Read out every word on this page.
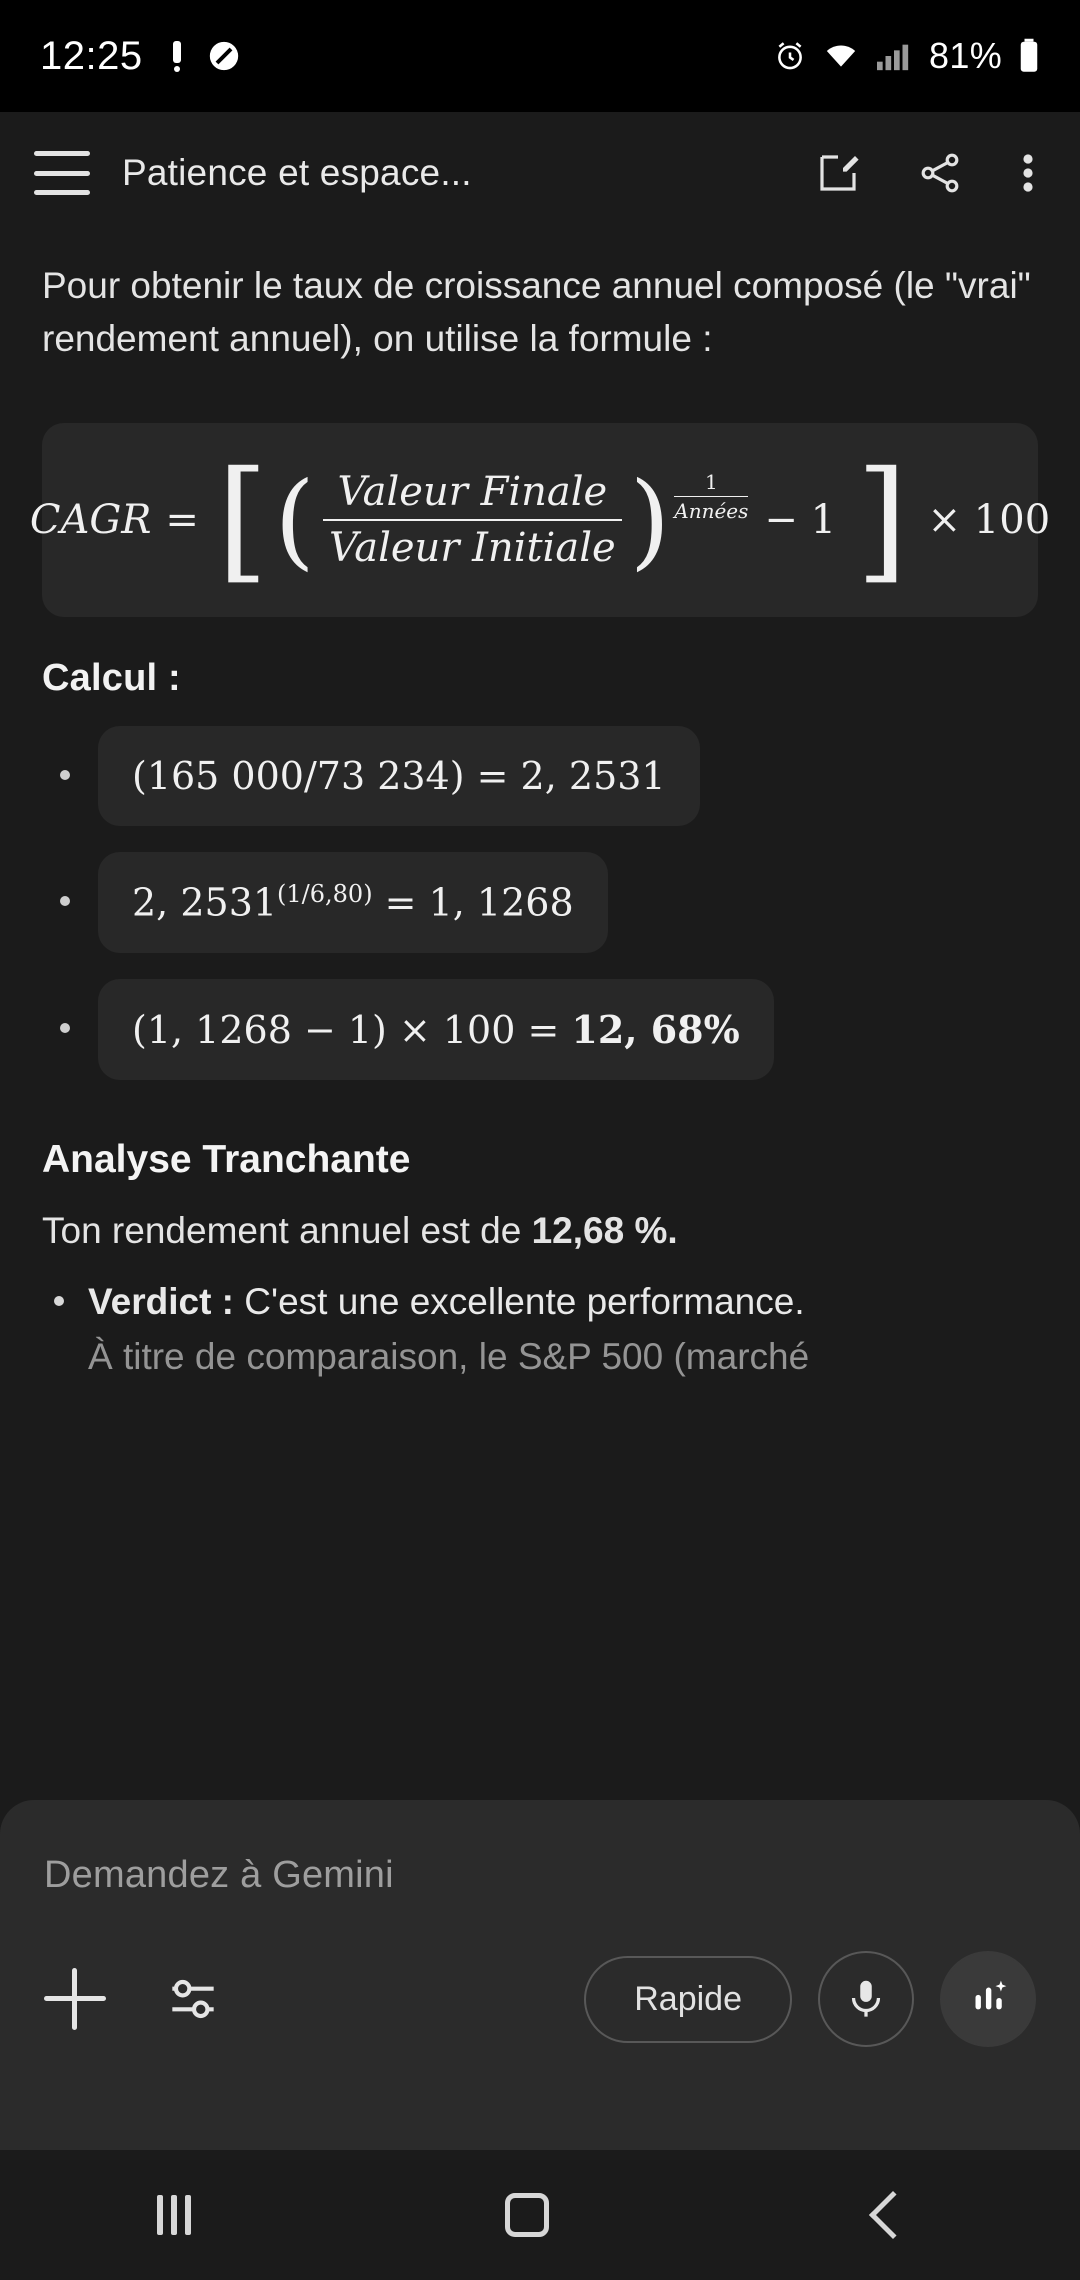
12:25	81%
Patience et espace...
Pour obtenir le taux de croissance annuel composé (le "vrai" rendement annuel), on utilise la formule :
CAGR = [ ( $\frac{\text{Valeur Finale}}{\text{Valeur Initiale}}$ ) $\frac{1}{\text{Années}} - 1$ ] × 100
Calcul :
(165 000/73 234) = 2, 2531
2, $2531^{(1/6,80)} = 1$, 1268
(1, 1268 − 1) × 100 = 12, 68%
Analyse Tranchante
Ton rendement annuel est de 12,68 %.
Verdict : C'est une excellente performance.
À titre de comparaison, le S&P 500 (marché
Demandez à Gemini
Rapide
